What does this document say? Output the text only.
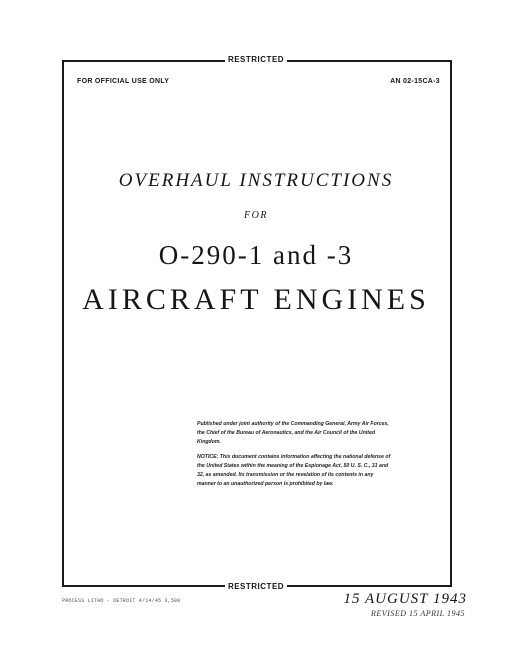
RESTRICTED
RESTRICTED
FOR OFFICIAL USE ONLY	AN 02-15CA-3
OVERHAUL INSTRUCTIONS
FOR
O-290-1 and -3
AIRCRAFT ENGINES

Published under joint authority of the Commanding General, Army Air Forces, the Chief of the Bureau of Aeronautics, and the Air Council of the United Kingdom.

NOTICE: This document contains information affecting the national defense of the United States within the meaning of the Espionage Act, 50 U. S. C., 31 and 32, as amended. Its transmission or the revelation of its contents in any manner to an unauthorized person is prohibited by law.

PROCESS LITHO - DETROIT 4/14/45 3,500	15 AUGUST 1943
REVISED 15 APRIL 1945
